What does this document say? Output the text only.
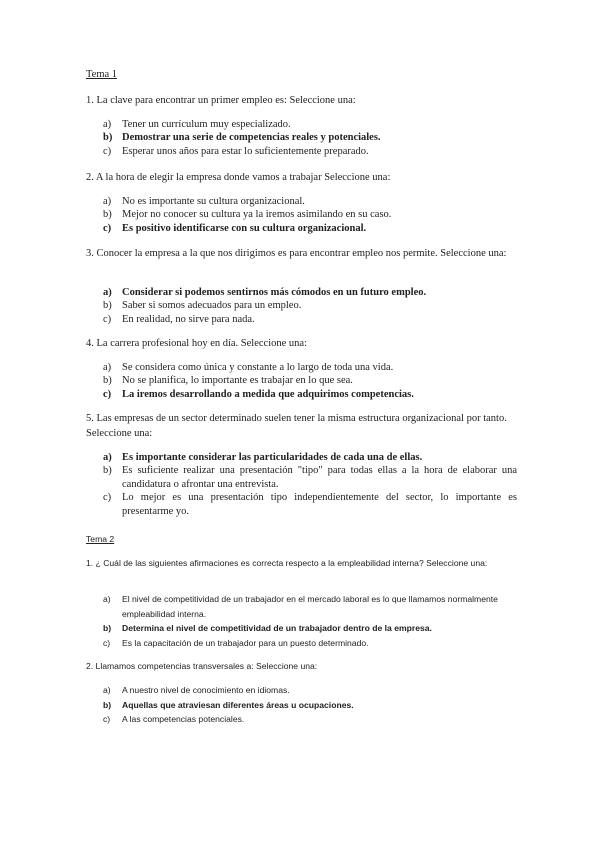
Tema 1
1. La clave para encontrar un primer empleo es: Seleccione una:
a) Tener un currículum muy especializado.
b) Demostrar una serie de competencias reales y potenciales.
c) Esperar unos años para estar lo suficientemente preparado.
2. A la hora de elegir la empresa donde vamos a trabajar Seleccione una:
a) No es importante su cultura organizacional.
b) Mejor no conocer su cultura ya la iremos asimilando en su caso.
c) Es positivo identificarse con su cultura organizacional.
3. Conocer la empresa a la que nos dirigimos es para encontrar empleo nos permite. Seleccione una:
a) Considerar si podemos sentirnos más cómodos en un futuro empleo.
b) Saber si somos adecuados para un empleo.
c) En realidad, no sirve para nada.
4. La carrera profesional hoy en día. Seleccione una:
a) Se considera como única y constante a lo largo de toda una vida.
b) No se planifica, lo importante es trabajar en lo que sea.
c) La iremos desarrollando a medida que adquirimos competencias.
5. Las empresas de un sector determinado suelen tener la misma estructura organizacional por tanto. Seleccione una:
a) Es importante considerar las particularidades de cada una de ellas.
b) Es suficiente realizar una presentación "tipo" para todas ellas a la hora de elaborar una candidatura o afrontar una entrevista.
c) Lo mejor es una presentación tipo independientemente del sector, lo importante es presentarme yo.
Tema 2
1. ¿ Cuál de las siguientes afirmaciones es correcta respecto a la empleabilidad interna? Seleccione una:
a) El nivel de competitividad de un trabajador en el mercado laboral es lo que llamamos normalmente empleabilidad interna.
b) Determina el nivel de competitividad de un trabajador dentro de la empresa.
c) Es la capacitación de un trabajador para un puesto determinado.
2. Llamamos competencias transversales a: Seleccione una:
a) A nuestro nivel de conocimiento en idiomas.
b) Aquellas que atraviesan diferentes áreas u ocupaciones.
c) A las competencias potenciales.
